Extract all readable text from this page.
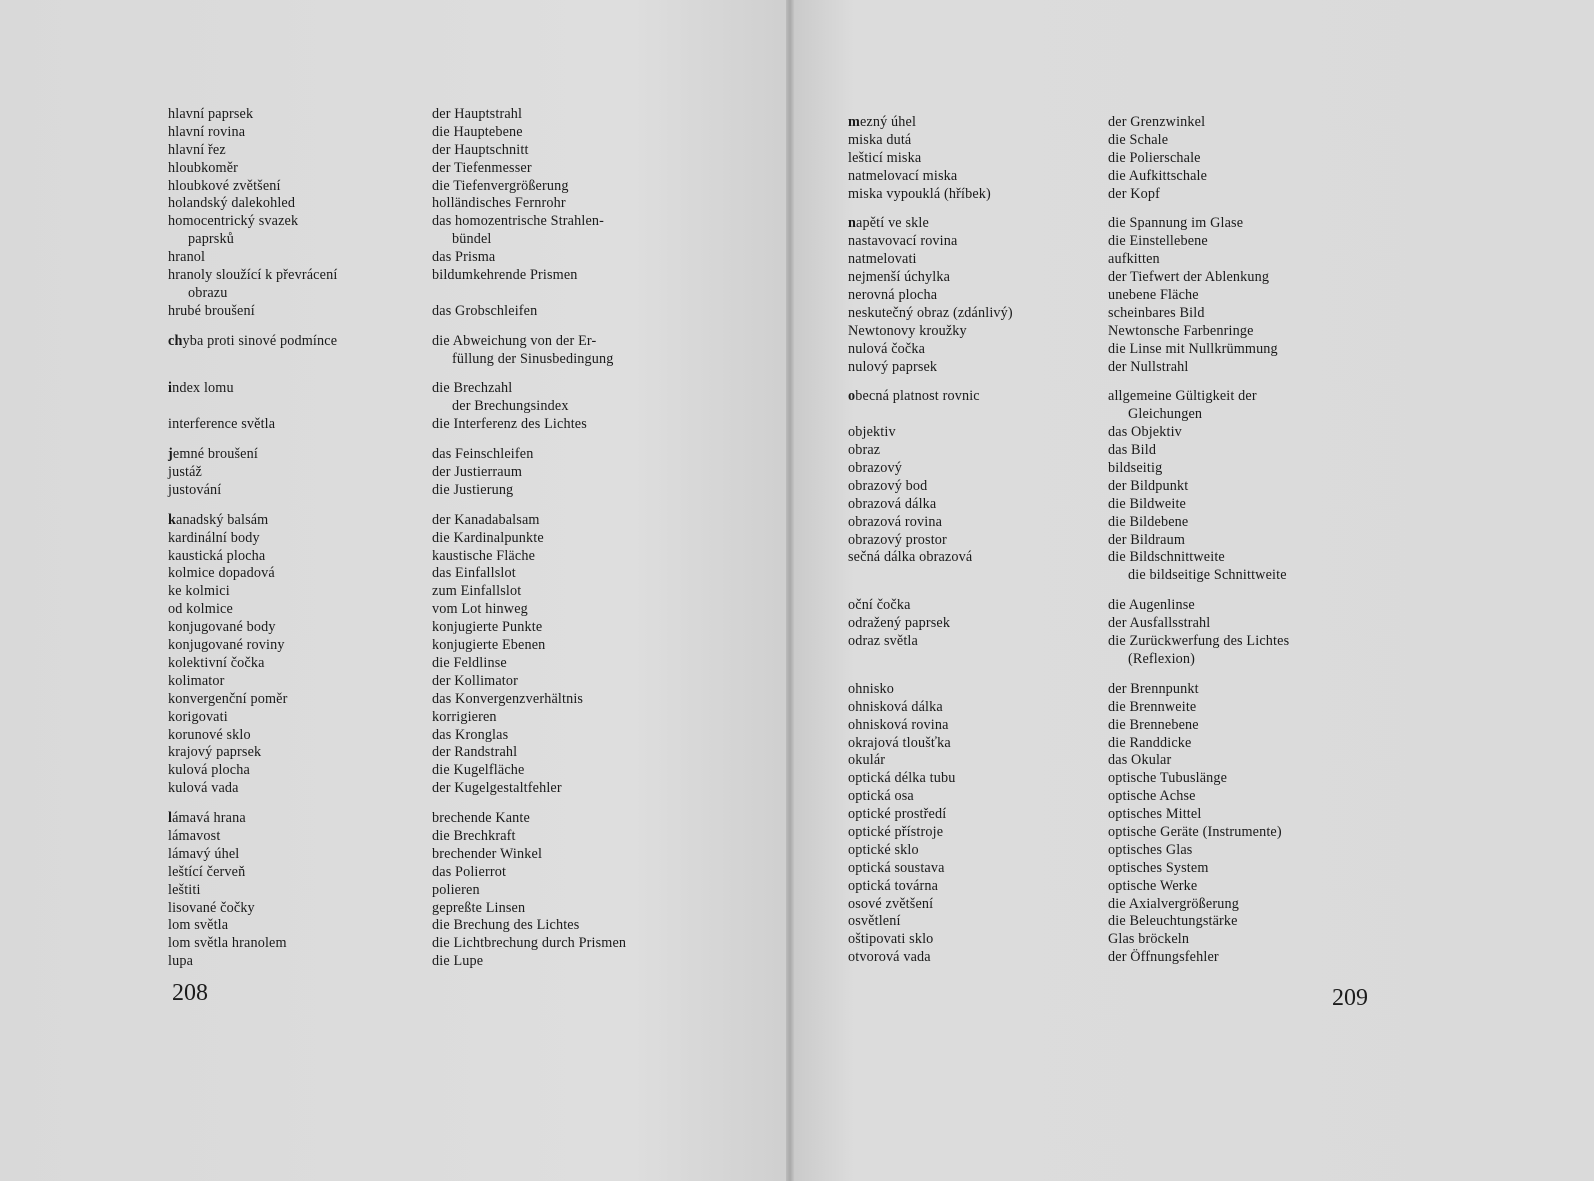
hlavní paprsek
hlavní rovina
hlavní řez
hloubkoměr
hloubkové zvětšení
holandský dalekohled
homocentrický svazek
paprsků
hranol
hranoly sloužící k převrácení
obrazu
hrubé broušení
chyba proti sinové podmínce
index lomu
interference světla
jemné broušení
justáž
justování
kanadský balsám
kardinální body
kaustická plocha
kolmice dopadová
ke kolmici
od kolmice
konjugované body
konjugované roviny
kolektivní čočka
kolimator
konvergenční poměr
korigovati
korunové sklo
krajový paprsek
kulová plocha
kulová vada
lámavá hrana
lámavost
lámavý úhel
leštící červeň
leštiti
lisované čočky
lom světla
lom světla hranolem
lupa
der Hauptstrahl
die Hauptebene
der Hauptschnitt
der Tiefenmesser
die Tiefenvergrößerung
holländisches Fernrohr
das homozentrische Strahlen-
bündel
das Prisma
bildumkehrende Prismen
das Grobschleifen
die Abweichung von der Er-
füllung der Sinusbedingung
die Brechzahl
der Brechungsindex
die Interferenz des Lichtes
das Feinschleifen
der Justierraum
die Justierung
der Kanadabalsam
die Kardinalpunkte
kaustische Fläche
das Einfallslot
zum Einfallslot
vom Lot hinweg
konjugierte Punkte
konjugierte Ebenen
die Feldlinse
der Kollimator
das Konvergenzverhältnis
korrigieren
das Kronglas
der Randstrahl
die Kugelfläche
der Kugelgestaltfehler
brechende Kante
die Brechkraft
brechender Winkel
das Polierrot
polieren
gepreßte Linsen
die Brechung des Lichtes
die Lichtbrechung durch Prismen
die Lupe
208
mezný úhel
miska dutá
lešticí miska
natmelovací miska
miska vypouklá (hříbek)
napětí ve skle
nastavovací rovina
natmelovati
nejmenší úchylka
nerovná plocha
neskutečný obraz (zdánlivý)
Newtonovy kroužky
nulová čočka
nulový paprsek
obecná platnost rovnic
objektiv
obraz
obrazový
obrazový bod
obrazová dálka
obrazová rovina
obrazový prostor
sečná dálka obrazová
oční čočka
odražený paprsek
odraz světla
ohnisko
ohnisková dálka
ohnisková rovina
okrajová tloušťka
okulár
optická délka tubu
optická osa
optické prostředí
optické přístroje
optické sklo
optická soustava
optická továrna
osové zvětšení
osvětlení
oštipovati sklo
otvorová vada
der Grenzwinkel
die Schale
die Polierschale
die Aufkittschale
der Kopf
die Spannung im Glase
die Einstellebene
aufkitten
der Tiefwert der Ablenkung
unebene Fläche
scheinbares Bild
Newtonsche Farbenringe
die Linse mit Nullkrümmung
der Nullstrahl
allgemeine Gültigkeit der
Gleichungen
das Objektiv
das Bild
bildseitig
der Bildpunkt
die Bildweite
die Bildebene
der Bildraum
die Bildschnittweite
die bildseitige Schnittweite
die Augenlinse
der Ausfallsstrahl
die Zurückwerfung des Lichtes
(Reflexion)
der Brennpunkt
die Brennweite
die Brennebene
die Randdicke
das Okular
optische Tubuslänge
optische Achse
optisches Mittel
optische Geräte (Instrumente)
optisches Glas
optisches System
optische Werke
die Axialvergrößerung
die Beleuchtungstärke
Glas bröckeln
der Öffnungsfehler
209
